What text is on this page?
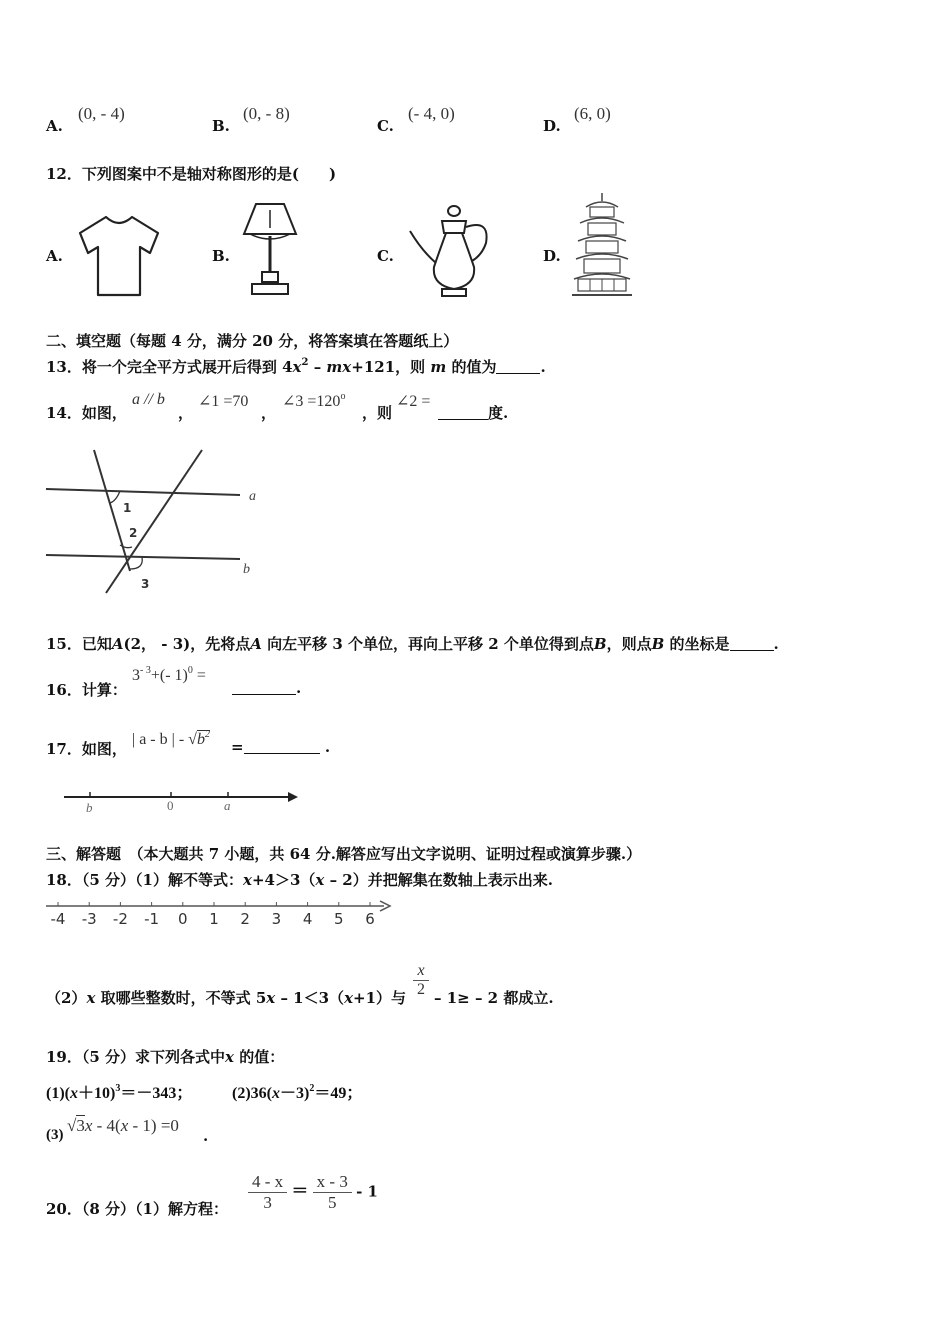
A.
(0, - 4)
B.
(0, - 8)
C.
(- 4, 0)
D.
(6, 0)
12．下列图案中不是轴对称图形的是(　　)
A.	B.	C.	D.
二、填空题（每题 4 分，满分 20 分，将答案填在答题纸上）
13．将一个完全平方式展开后得到 $4x^2 - mx+121$，则 m 的值为	.
14．如图，
a // b
，
∠1 =70
，
∠3 $=120^o$
，则
∠2 =
度.
a
b
1
2
3
15．已知A(2， - 3)，先将点A 向左平移 3 个单位，再向上平移 2 个单位得到点B，则点B 的坐标是	.
16．计算：
$3^{- 3}+(-$ 1)$^0$ =
.
17．如图，
| a - b | - $√b^2$
=	.
b	0	a
三、解答题　（本大题共 7 小题，共 64 分.解答应写出文字说明、证明过程或演算步骤.）
18．（5 分）（1）解不等式：x+4＞3（x – 2）并把解集在数轴上表示出来.
-4 -3 -2 -1 0 1 2 3 4 5 6
（2）x 取哪些整数时，不等式 5x – 1＜3（x+1）与 $\frac{x}{2} - 1\ge - 2$ 都成立.
19．（5 分）求下列各式中x 的值：
$(1)(x+10)^3=-343$； $(2)36(x-3)^2=49$；
(3) √3x - 4(x - 1) =0
.
20．（8 分）（1）解方程： $\frac{4 - x}{3} = \frac{x - 3}{5} - 1$
